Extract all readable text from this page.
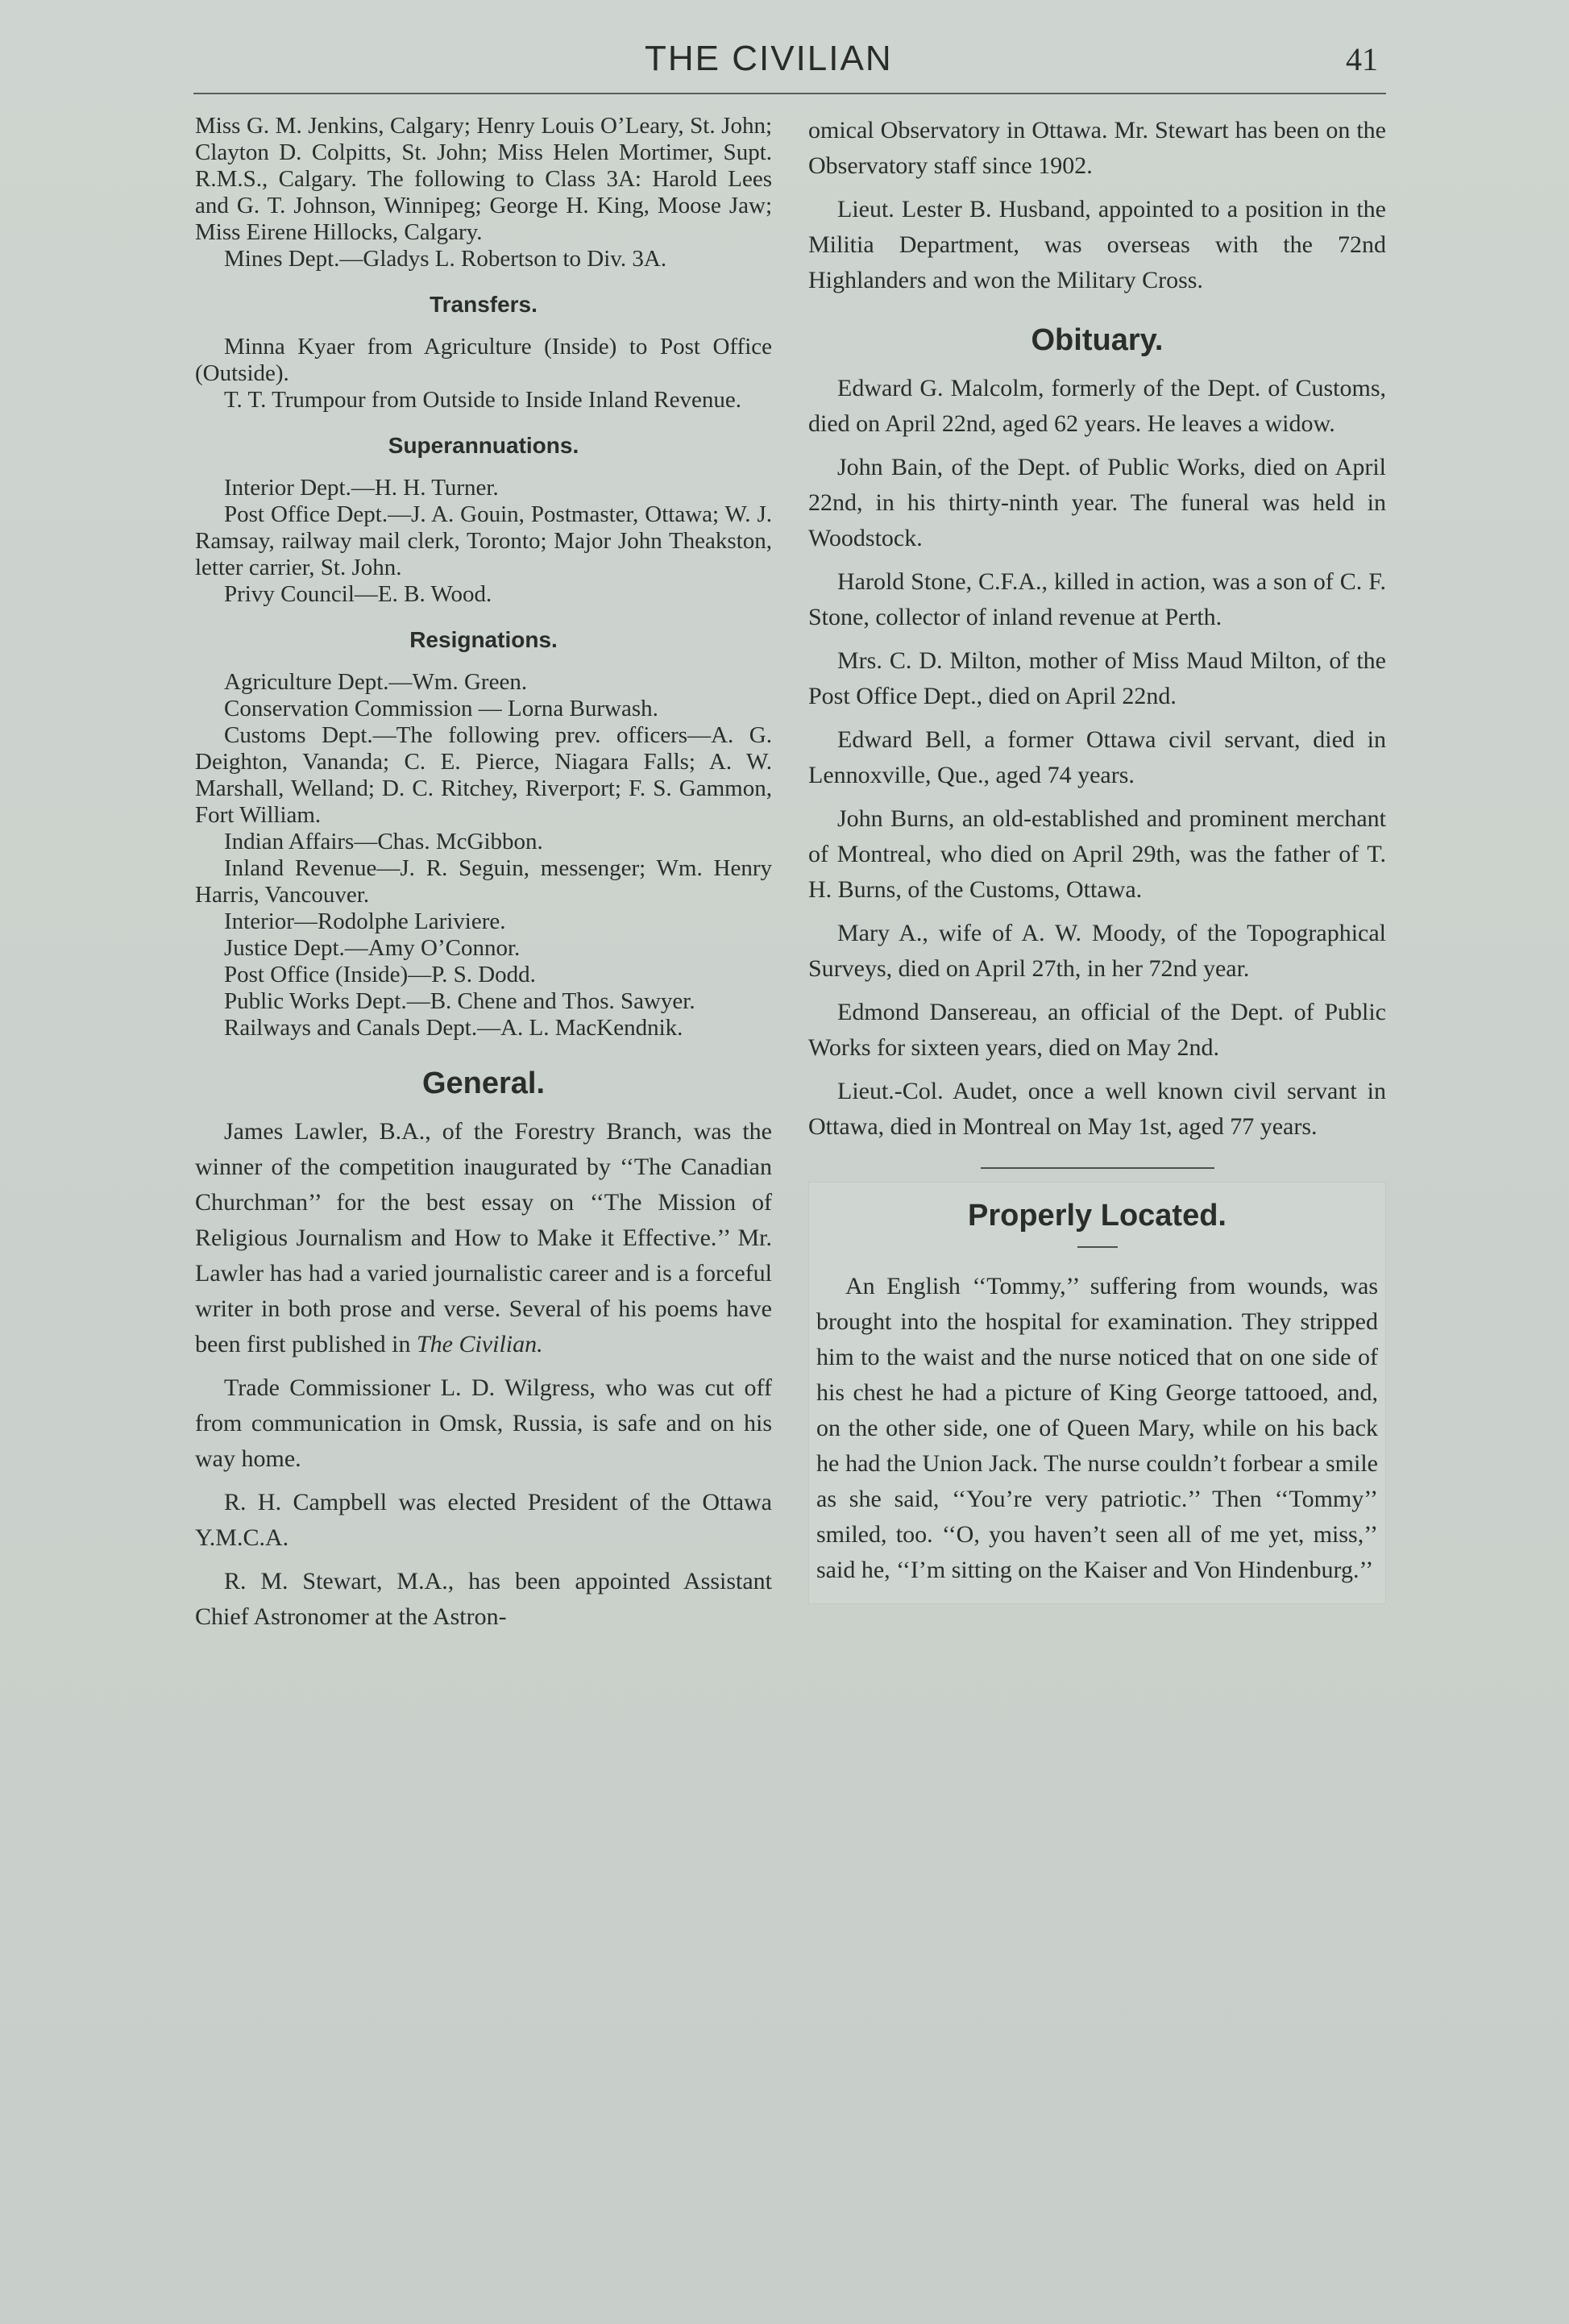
THE CIVILIAN	41

Miss G. M. Jenkins, Calgary; Henry Louis O’Leary, St. John; Clayton D. Colpitts, St. John; Miss Helen Mortimer, Supt. R.M.S., Calgary. The following to Class 3A: Harold Lees and G. T. Johnson, Winnipeg; George H. King, Moose Jaw; Miss Eirene Hillocks, Calgary.

Mines Dept.—Gladys L. Robertson to Div. 3A.

Transfers.

Minna Kyaer from Agriculture (Inside) to Post Office (Outside).

T. T. Trumpour from Outside to Inside Inland Revenue.

Superannuations.

Interior Dept.—H. H. Turner.

Post Office Dept.—J. A. Gouin, Postmaster, Ottawa; W. J. Ramsay, railway mail clerk, Toronto; Major John Theakston, letter carrier, St. John.

Privy Council—E. B. Wood.

Resignations.

Agriculture Dept.—Wm. Green.

Conservation Commission — Lorna Burwash.

Customs Dept.—The following prev. officers—A. G. Deighton, Vananda; C. E. Pierce, Niagara Falls; A. W. Marshall, Welland; D. C. Ritchey, Riverport; F. S. Gammon, Fort William.

Indian Affairs—Chas. McGibbon.

Inland Revenue—J. R. Seguin, messenger; Wm. Henry Harris, Vancouver.

Interior—Rodolphe Lariviere.

Justice Dept.—Amy O’Connor.

Post Office (Inside)—P. S. Dodd.

Public Works Dept.—B. Chene and Thos. Sawyer.

Railways and Canals Dept.—A. L. MacKendnik.

General.

James Lawler, B.A., of the Forestry Branch, was the winner of the competition inaugurated by ‘‘The Canadian Churchman’’ for the best essay on ‘‘The Mission of Religious Journalism and How to Make it Effective.’’ Mr. Lawler has had a varied journalistic career and is a forceful writer in both prose and verse. Several of his poems have been first published in The Civilian.

Trade Commissioner L. D. Wilgress, who was cut off from communication in Omsk, Russia, is safe and on his way home.

R. H. Campbell was elected President of the Ottawa Y.M.C.A.

R. M. Stewart, M.A., has been appointed Assistant Chief Astronomer at the Astron-

omical Observatory in Ottawa. Mr. Stewart has been on the Observatory staff since 1902.

Lieut. Lester B. Husband, appointed to a position in the Militia Department, was overseas with the 72nd Highlanders and won the Military Cross.

Obituary.

Edward G. Malcolm, formerly of the Dept. of Customs, died on April 22nd, aged 62 years. He leaves a widow.

John Bain, of the Dept. of Public Works, died on April 22nd, in his thirty-ninth year. The funeral was held in Woodstock.

Harold Stone, C.F.A., killed in action, was a son of C. F. Stone, collector of inland revenue at Perth.

Mrs. C. D. Milton, mother of Miss Maud Milton, of the Post Office Dept., died on April 22nd.

Edward Bell, a former Ottawa civil servant, died in Lennoxville, Que., aged 74 years.

John Burns, an old-established and prominent merchant of Montreal, who died on April 29th, was the father of T. H. Burns, of the Customs, Ottawa.

Mary A., wife of A. W. Moody, of the Topographical Surveys, died on April 27th, in her 72nd year.

Edmond Dansereau, an official of the Dept. of Public Works for sixteen years, died on May 2nd.

Lieut.-Col. Audet, once a well known civil servant in Ottawa, died in Montreal on May 1st, aged 77 years.

Properly Located.

An English ‘‘Tommy,’’ suffering from wounds, was brought into the hospital for examination. They stripped him to the waist and the nurse noticed that on one side of his chest he had a picture of King George tattooed, and, on the other side, one of Queen Mary, while on his back he had the Union Jack. The nurse couldn’t forbear a smile as she said, ‘‘You’re very patriotic.’’ Then ‘‘Tommy’’ smiled, too. ‘‘O, you haven’t seen all of me yet, miss,’’ said he, ‘‘I’m sitting on the Kaiser and Von Hindenburg.’’
